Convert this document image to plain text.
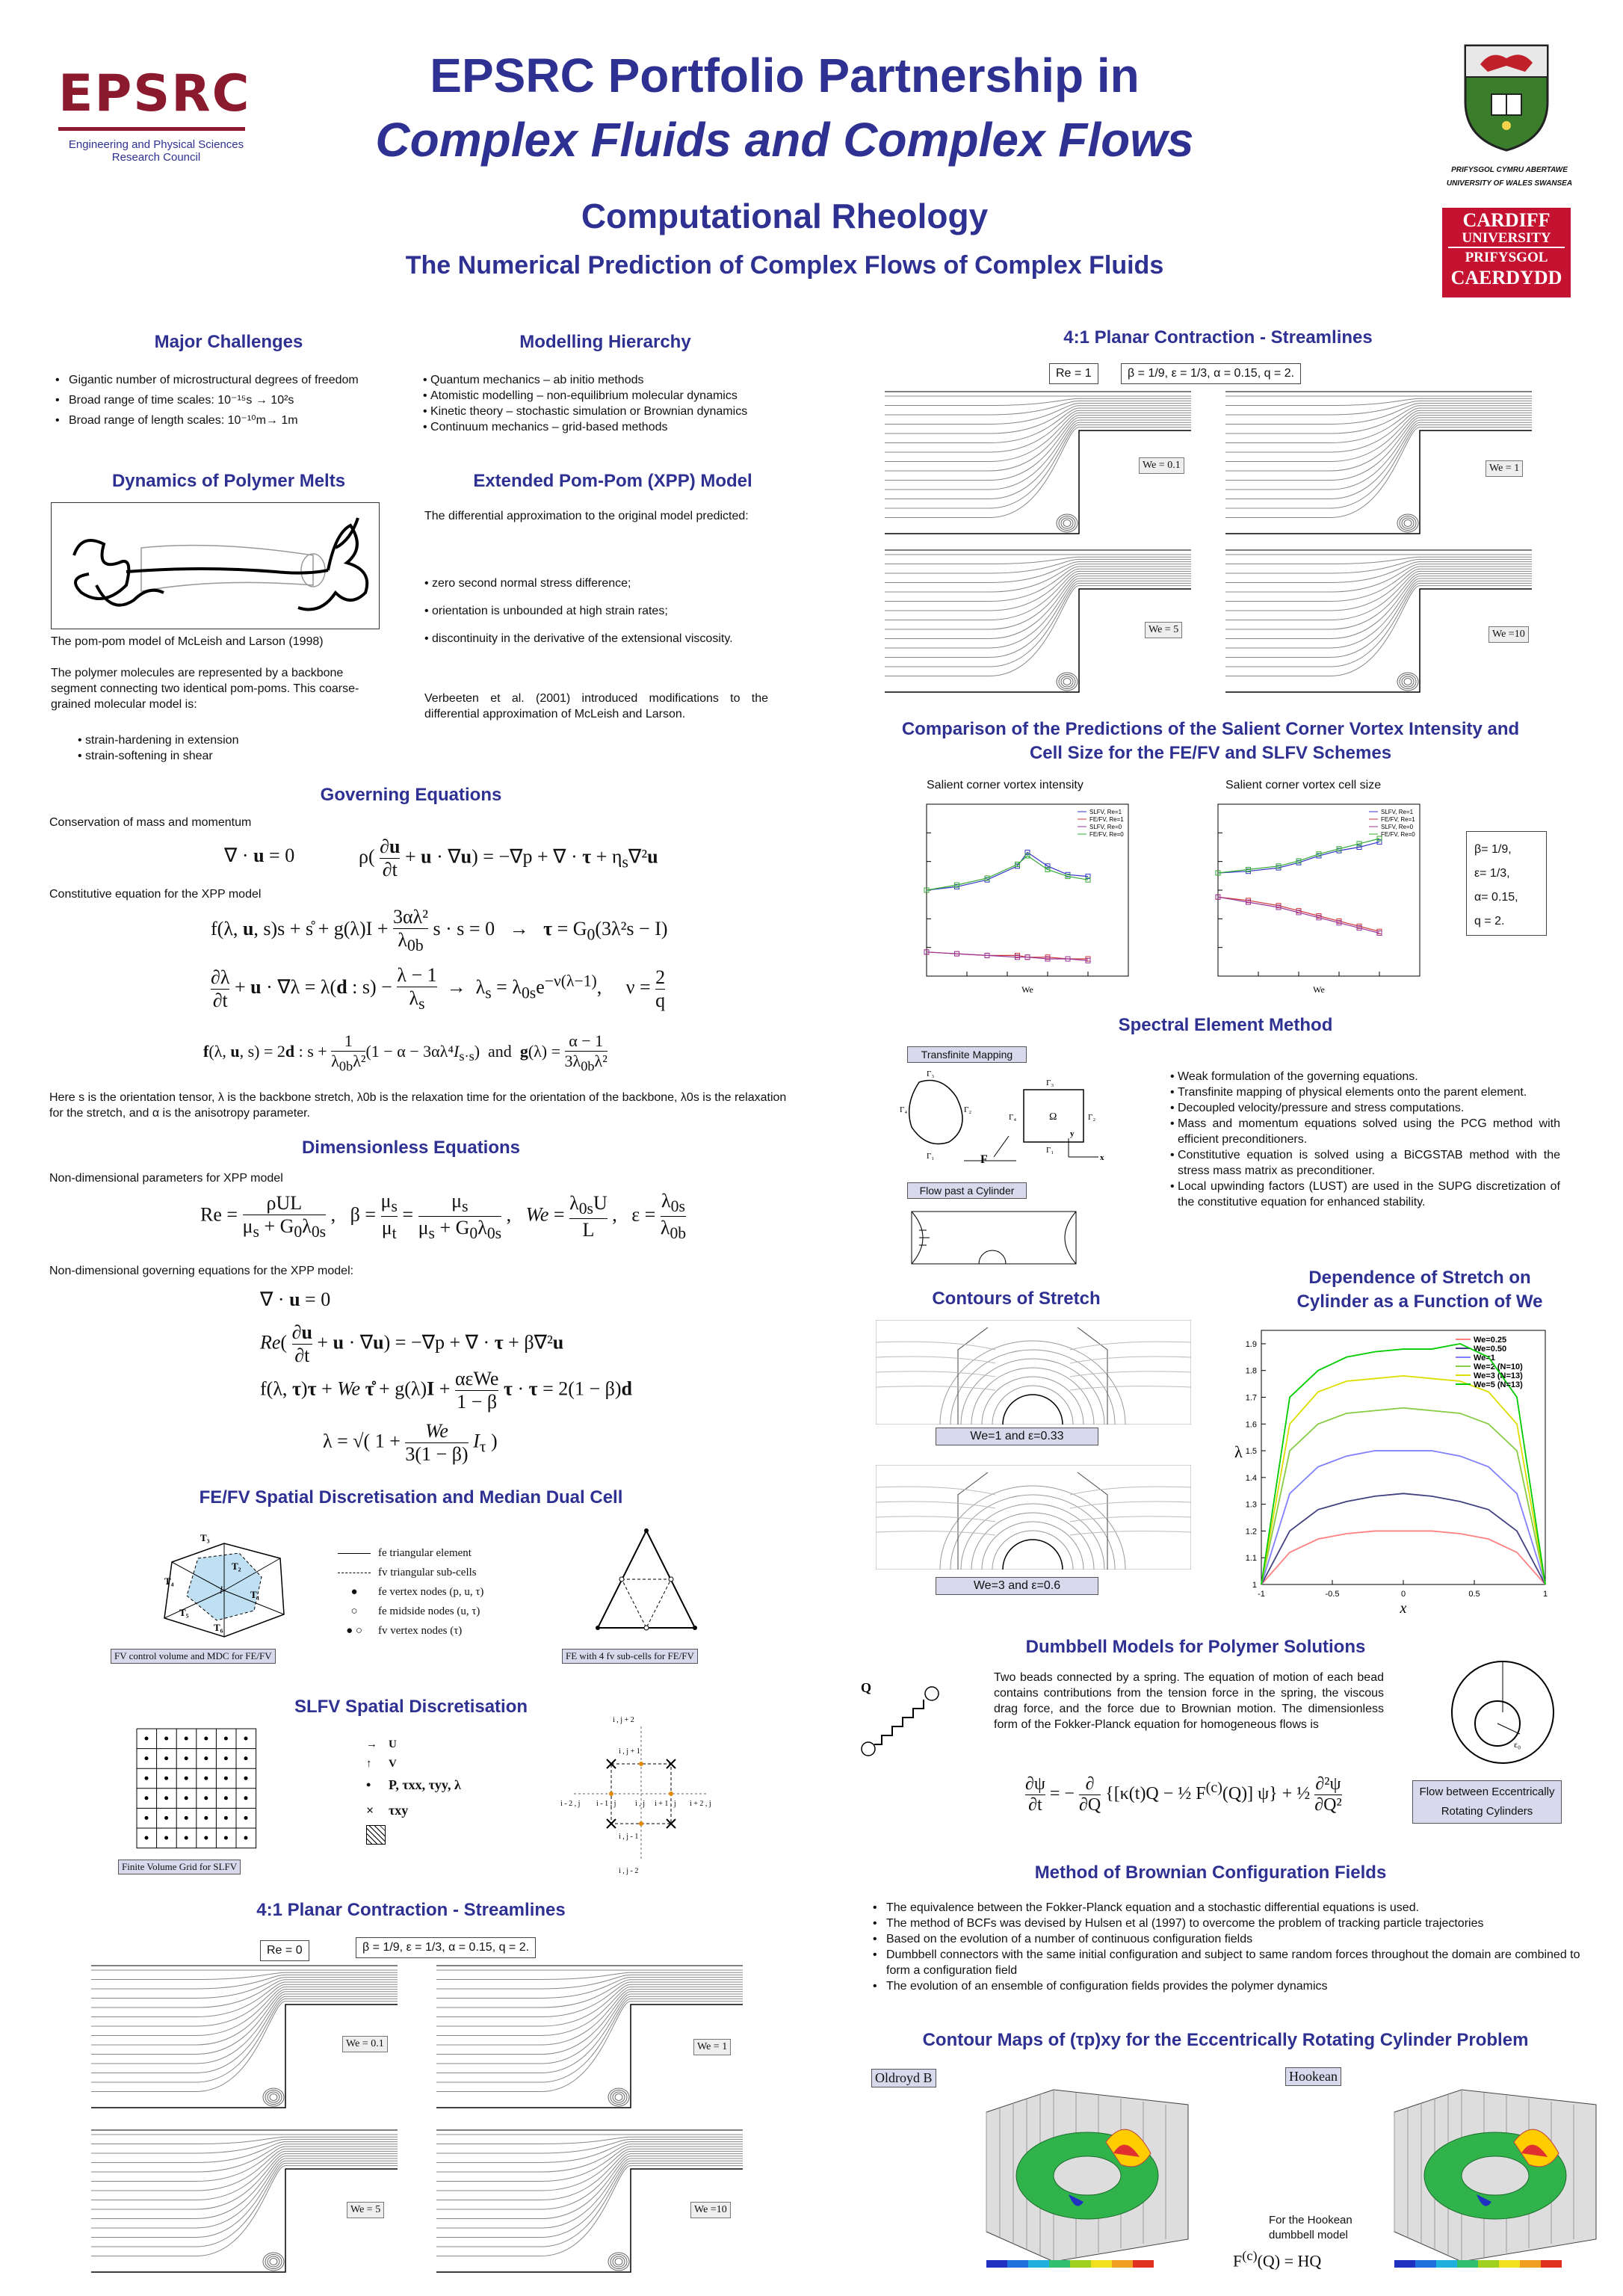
EPSRC
Engineering and Physical Sciences
Research Council
EPSRC Portfolio Partnership in
Complex Fluids and Complex Flows
Computational Rheology
The Numerical Prediction of Complex Flows of Complex Fluids
PRIFYSGOL CYMRU ABERTAWE
UNIVERSITY OF WALES SWANSEA
CARDIFF
UNIVERSITY
PRIFYSGOL
CAERDYDD
Major Challenges
• Gigantic number of microstructural degrees of freedom
• Broad range of time scales: 10⁻¹⁵s → 10²s
• Broad range of length scales: 10⁻¹⁰m→ 1m
Modelling Hierarchy
• Quantum mechanics – ab initio methods
• Atomistic modelling – non-equilibrium molecular dynamics
• Kinetic theory – stochastic simulation or Brownian dynamics
• Continuum mechanics – grid-based methods
Dynamics of Polymer Melts
The pom-pom model of McLeish and Larson (1998)
The polymer molecules are represented by a backbone segment connecting two identical pom-poms. This coarse-grained molecular model is:
• strain-hardening in extension
• strain-softening in shear
Extended Pom-Pom (XPP) Model
The differential approximation to the original model predicted:
• zero second normal stress difference;
• orientation is unbounded at high strain rates;
• discontinuity in the derivative of the extensional viscosity.
Verbeeten et al. (2001) introduced modifications to the differential approximation of McLeish and Larson.
Governing Equations
Conservation of mass and momentum
∇ · u = 0	$\rho( \frac{\partial u}{\partial t} + u \cdot \nabla u) = -\nabla p$ + ∇ · $\tau + \eta_s\nabla^2u$
Constitutive equation for the XPP model
f(λ, u, s)s + s̊ + $g(\lambda)I + \frac{\text{3αλ²}}{\lambda_{0b}}$ $s \cdot s = 0 \to \tau = G_0(3\lambda^2s - I)$
$\frac{\partial\lambda}{\partial t} + u \cdot \nabla\lambda = \lambda(d$ : $s) - \frac{\lambda - 1}{\lambda_s} \to \lambda_s = \lambda_{0s}e^{-\nu(\lambda-1)}$,     $\nu = \frac{2}{q}$
f(λ, u, s) = 2d : $s + \frac{1}{\lambda_{0b}\lambda^2} (1 - \alpha - 3\alpha\lambda^4I_{s\cdot s})$  and  $g(\lambda) = \frac{\alpha - 1}{3\lambda_{0b}\lambda^2}$
Here s is the orientation tensor, λ is the backbone stretch, λ0b is the relaxation time for the orientation of the backbone, λ0s is the relaxation for the stretch, and α is the anisotropy parameter.
Dimensionless Equations
Non-dimensional parameters for XPP model
Re =
ρUL
$\mu_s + G_0\lambda_{0s}$
,   $\beta = \frac{\mu_s}{\mu_t} = \frac{\mu_s}{\mu_s + G_0\lambda_{0s}}$ ,   $We = \frac{\lambda_{0s}U}{L}$ ,   $\varepsilon = \frac{\lambda_{0s}}{\lambda_{0b}}$
Non-dimensional governing equations for the XPP model:
∇ · u = 0
$Re( \frac{\partial u}{\partial t} + u \cdot \nabla u) = -\nabla p$ + ∇ · τ + β∇²u
f(λ, τ)τ + We τ̊ + g(λ)I + αεWe
1 − β
τ · τ = 2(1 − β)d
λ = √( $1 + \frac{We}{3(1 - \beta)} I_\tau$ )
FE/FV Spatial Discretisation and Median Dual Cell
T₃
T₂
T₄
T₁
T₅
T₆
l
fe triangular element
fv triangular sub-cells
● fe vertex nodes (p, u, τ)
○ fe midside nodes (u, τ)
● ○ fv vertex nodes (τ)
FV control volume and MDC for FE/FV	FE with 4 fv sub-cells for FE/FV
SLFV Spatial Discretisation
→ U
↑ V
• P, τxx, τyy, λ
× τxy
i , j + 2
i , j + 1
i - 2 , j i - 1 , j	i , j i + 1 , j i + 2 , j
i , j - 1
i , j - 2
Finite Volume Grid for SLFV
4:1 Planar Contraction - Streamlines
Re = 0	β = 1/9, ε = 1/3, α = 0.15, q = 2.
We = 0.1	We = 1
We = 5	We =10
4:1 Planar Contraction - Streamlines
Re = 1	β = 1/9, ε = 1/3, α = 0.15, q = 2.
We = 0.1	We = 1
We = 5	We =10
Comparison of the Predictions of the Salient Corner Vortex Intensity and
Cell Size for the FE/FV and SLFV Schemes
Salient corner vortex intensity	Salient corner vortex cell size
We
SLFV, Re=1
FE/FV, Re=1
SLFV, Re=0
FE/FV, Re=0
We
SLFV, Re=1
FE/FV, Re=1
SLFV, Re=0
FE/FV, Re=0
β= 1/9,
ε= 1/3,
α= 0.15,
q = 2.
Spectral Element Method
Transfinite Mapping
Γ₄	Γ₂
Γ₃
Γ₁
Ω
Γ₄	Γ₂
Γ₃
Γ₁
F	x
y
Flow past a Cylinder
• Weak formulation of the governing equations.
• Transfinite mapping of physical elements onto the parent element.
• Decoupled velocity/pressure and stress computations.
• Mass and momentum equations solved using the PCG method with efficient preconditioners.
• Constitutive equation is solved using a BiCGSTAB method with the stress mass matrix as preconditioner.
• Local upwinding factors (LUST) are used in the SUPG discretization of the constitutive equation for enhanced stability.
Contours of Stretch
We=1 and ε=0.33
We=3 and ε=0.6
Dependence of Stretch on
Cylinder as a Function of We
-1	-0.5	0	0.5	1
1
1.1
1.2
1.3
1.4
1.5
1.6
1.7
1.8
1.9
x
λ
We=0.25
We=0.50
We=1
We=2 (N=10)
We=3 (N=13)
We=5 (N=13)
Dumbbell Models for Polymer Solutions
Q
Two beads connected by a spring. The equation of motion of each bead contains contributions from the tension force in the spring, the viscous drag force, and the force due to Brownian motion. The dimensionless form of the Fokker-Planck equation for homogeneous flows is
$\frac{\partial\psi}{\partial t}$ = −
∂
∂Q
{[κ(t)Q − ½ $F^{(c)}(Q)$] ψ} + ½ $\frac{\text{∂²ψ}}{\text{∂Q²}}$
ε₀
Flow between Eccentrically
Rotating Cylinders
Method of Brownian Configuration Fields
• The equivalence between the Fokker-Planck equation and a stochastic differential equations is used.
• The method of BCFs was devised by Hulsen et al (1997) to overcome the problem of tracking particle trajectories
• Based on the evolution of a number of continuous configuration fields
• Dumbbell connectors with the same initial configuration and subject to same random forces throughout the domain are combined to form a configuration field
• The evolution of an ensemble of configuration fields provides the polymer dynamics
Contour Maps of (τp)xy for the Eccentrically Rotating Cylinder Problem
Oldroyd B	Hookean
For the Hookean
dumbbell model
$F^{(c)}(Q)$ = HQ
